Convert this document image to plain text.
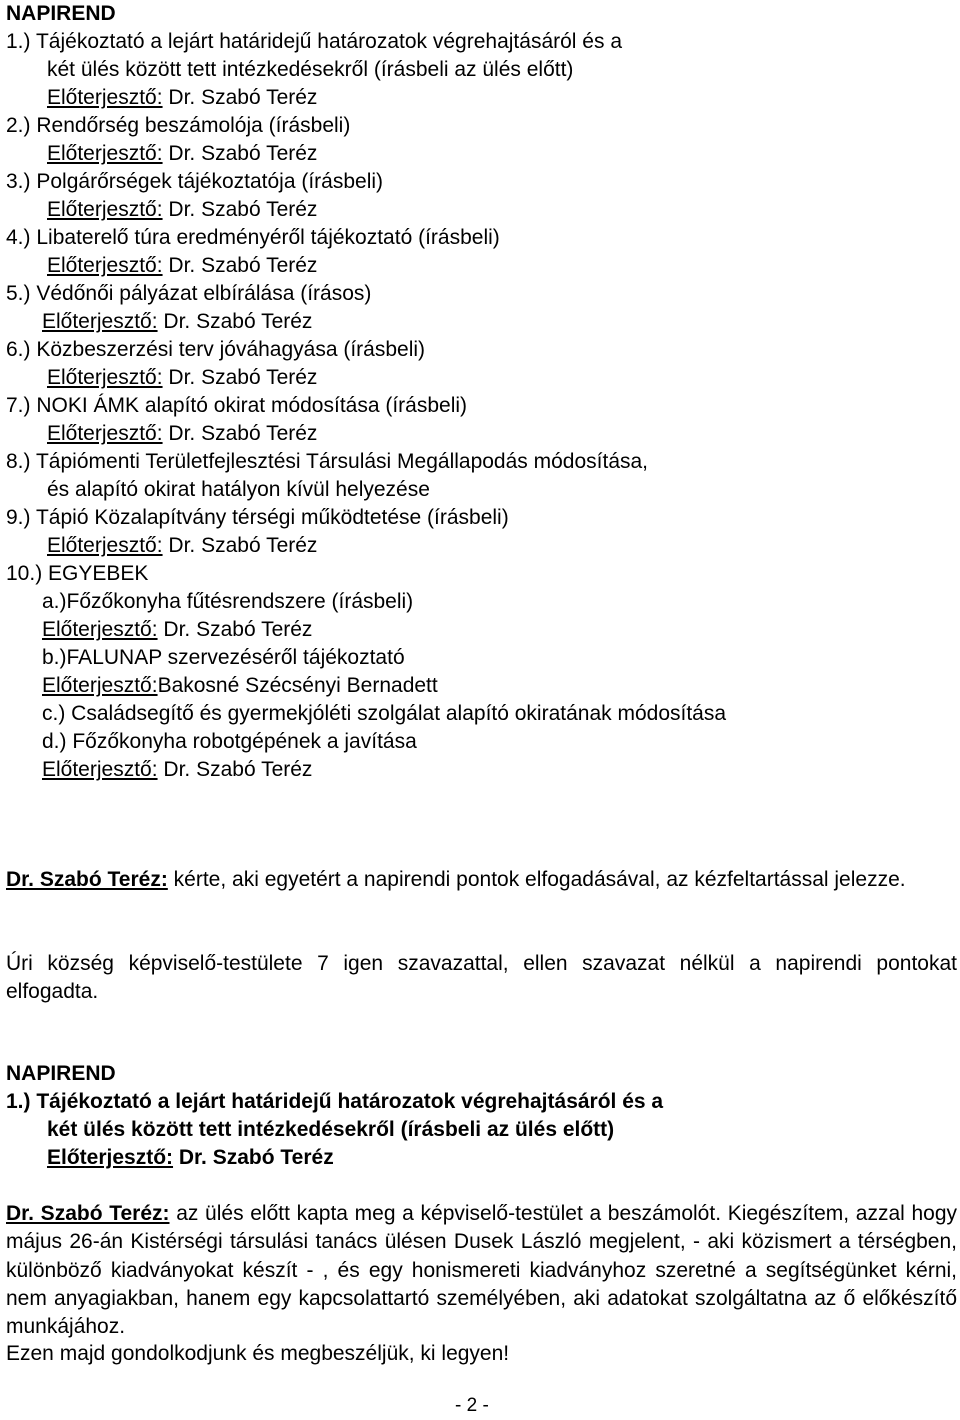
NAPIREND
1.) Tájékoztató a lejárt határidejű határozatok végrehajtásáról és a
két ülés között tett intézkedésekről (írásbeli az ülés előtt)
Előterjesztő: Dr. Szabó Teréz
2.) Rendőrség beszámolója (írásbeli)
Előterjesztő: Dr. Szabó Teréz
3.) Polgárőrségek tájékoztatója (írásbeli)
Előterjesztő: Dr. Szabó Teréz
4.) Libaterelő túra eredményéről tájékoztató (írásbeli)
Előterjesztő: Dr. Szabó Teréz
5.) Védőnői pályázat elbírálása (írásos)
Előterjesztő: Dr. Szabó Teréz
6.) Közbeszerzési terv jóváhagyása (írásbeli)
Előterjesztő: Dr. Szabó Teréz
7.) NOKI ÁMK alapító okirat módosítása (írásbeli)
Előterjesztő: Dr. Szabó Teréz
8.) Tápiómenti Területfejlesztési Társulási Megállapodás módosítása,
és alapító okirat hatályon kívül helyezése
9.) Tápió Közalapítvány térségi működtetése (írásbeli)
Előterjesztő: Dr. Szabó Teréz
10.) EGYEBEK
a.)Főzőkonyha fűtésrendszere (írásbeli)
Előterjesztő: Dr. Szabó Teréz
b.)FALUNAP szervezéséről tájékoztató
Előterjesztő:Bakosné Szécsényi Bernadett
c.) Családsegítő és gyermekjóléti szolgálat alapító okiratának módosítása
d.) Főzőkonyha robotgépének a javítása
Előterjesztő: Dr. Szabó Teréz
Dr. Szabó Teréz: kérte, aki egyetért a napirendi pontok elfogadásával, az kézfeltartással jelezze.
Úri község képviselő-testülete 7 igen szavazattal, ellen szavazat nélkül a napirendi pontokat elfogadta.
NAPIREND
1.) Tájékoztató a lejárt határidejű határozatok végrehajtásáról és a
két ülés között tett intézkedésekről (írásbeli az ülés előtt)
Előterjesztő: Dr. Szabó Teréz
Dr. Szabó Teréz: az ülés előtt kapta meg a képviselő-testület a beszámolót. Kiegészítem, azzal hogy május 26-án Kistérségi társulási tanács ülésen Dusek László megjelent, - aki közismert a térségben, különböző kiadványokat készít - , és egy honismereti kiadványhoz szeretné a segítségünket kérni, nem anyagiakban, hanem egy kapcsolattartó személyében, aki adatokat szolgáltatna az ő előkészítő munkájához.
Ezen majd gondolkodjunk és megbeszéljük, ki legyen!
- 2 -
